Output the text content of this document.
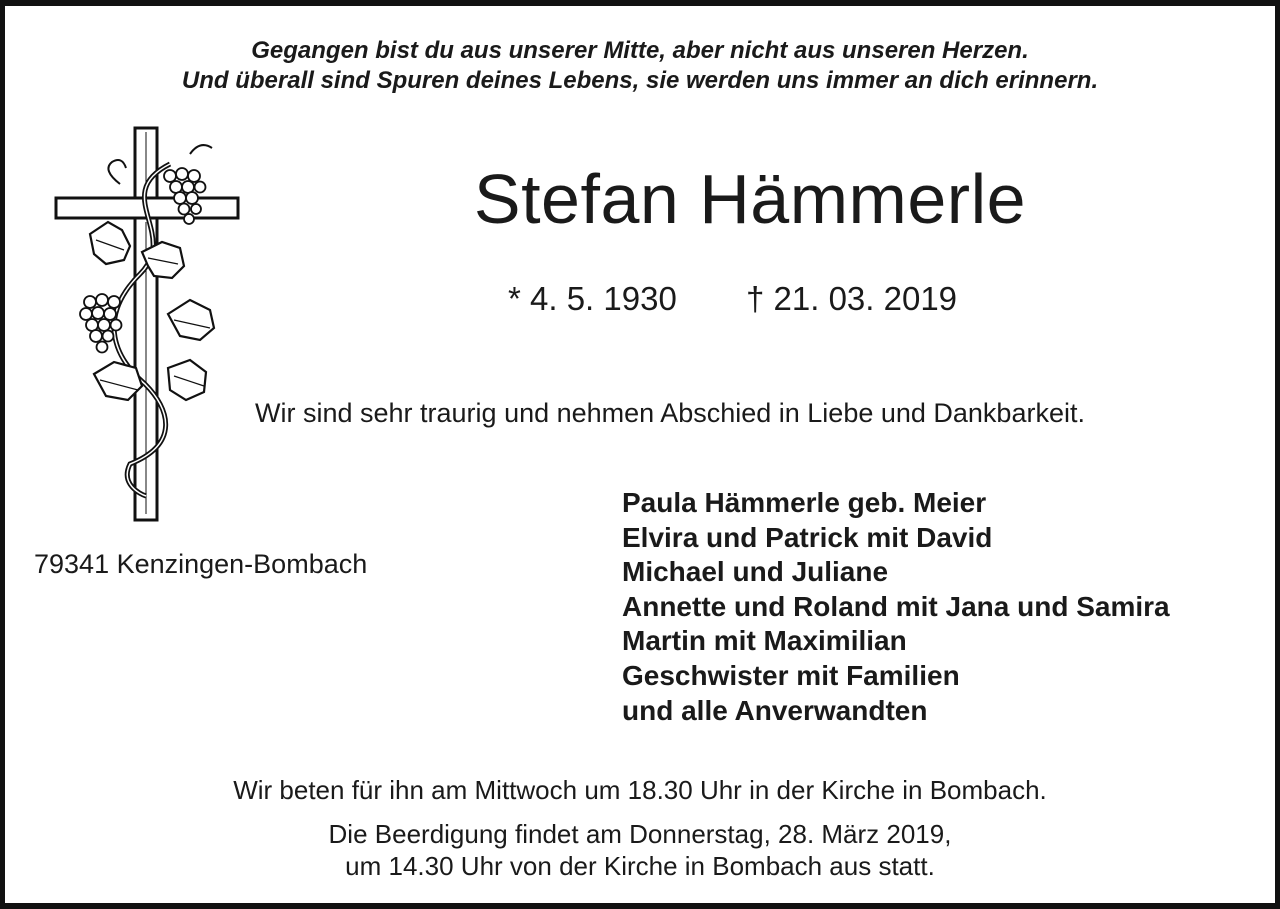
Gegangen bist du aus unserer Mitte, aber nicht aus unseren Herzen.
Und überall sind Spuren deines Lebens, sie werden uns immer an dich erinnern.
Stefan Hämmerle
* 4. 5. 1930 † 21. 03. 2019
Wir sind sehr traurig und nehmen Abschied in Liebe und Dankbarkeit.
79341 Kenzingen-Bombach
Paula Hämmerle geb. Meier
Elvira und Patrick mit David
Michael und Juliane
Annette und Roland mit Jana und Samira
Martin mit Maximilian
Geschwister mit Familien
und alle Anverwandten
Wir beten für ihn am Mittwoch um 18.30 Uhr in der Kirche in Bombach.
Die Beerdigung findet am Donnerstag, 28. März 2019,
um 14.30 Uhr von der Kirche in Bombach aus statt.
